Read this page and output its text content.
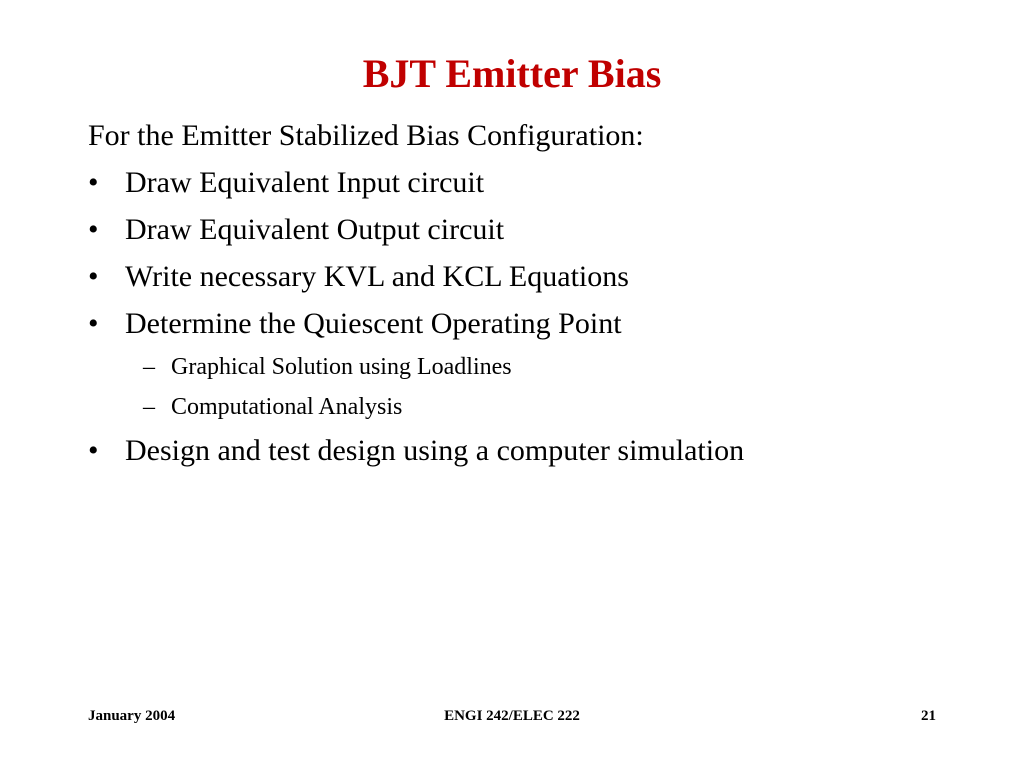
BJT Emitter Bias
For the Emitter Stabilized Bias Configuration:
• Draw Equivalent Input circuit
• Draw Equivalent Output circuit
• Write necessary KVL and KCL Equations
• Determine the Quiescent Operating Point
– Graphical Solution using Loadlines
– Computational Analysis
• Design and test design using a computer simulation
January 2004	ENGI 242/ELEC 222	21
